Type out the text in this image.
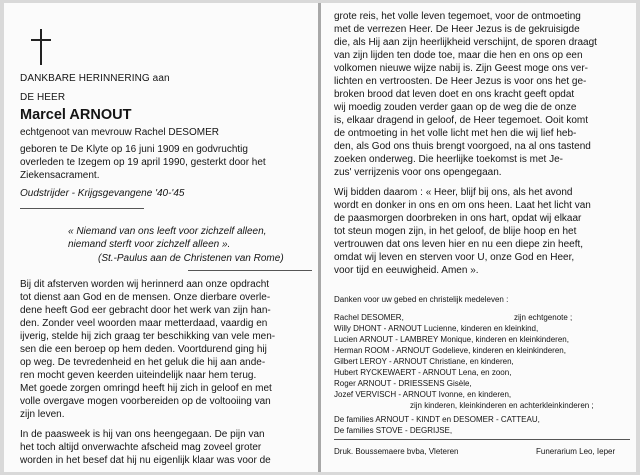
DANKBARE HERINNERING aan
DE HEER
Marcel ARNOUT
echtgenoot van mevrouw Rachel DESOMER
geboren te De Klyte op 16 juni 1909 en godvruchtig
overleden te Izegem op 19 april 1990, gesterkt door het
Ziekensacrament.
Oudstrijder - Krijgsgevangene '40-'45
« Niemand van ons leeft voor zichzelf alleen,
niemand sterft voor zichzelf alleen ».
(St.-Paulus aan de Christenen van Rome)
Bij dit afsterven worden wij herinnerd aan onze opdracht
tot dienst aan God en de mensen. Onze dierbare overle-
dene heeft God eer gebracht door het werk van zijn han-
den. Zonder veel woorden maar metterdaad, vaardig en
ijverig, stelde hij zich graag ter beschikking van vele men-
sen die een beroep op hem deden. Voortdurend ging hij
op weg. De tevredenheid en het geluk die hij aan ande-
ren mocht geven keerden uiteindelijk naar hem terug.
Met goede zorgen omringd heeft hij zich in geloof en met
volle overgave mogen voorbereiden op de voltooiing van
zijn leven.
In de paasweek is hij van ons heengegaan. De pijn van
het toch altijd onverwachte afscheid mag zoveel groter
worden in het besef dat hij nu eigenlijk klaar was voor de
grote reis, het volle leven tegemoet, voor de ontmoeting
met de verrezen Heer. De Heer Jezus is de gekruisigde
die, als Hij aan zijn heerlijkheid verschijnt, de sporen draagt
van zijn lijden ten dode toe, maar die hen en ons op een
volkomen nieuwe wijze nabij is. Zijn Geest moge ons ver-
lichten en vertroosten. De Heer Jezus is voor ons het ge-
broken brood dat leven doet en ons kracht geeft opdat
wij moedig zouden verder gaan op de weg die de onze
is, elkaar dragend in geloof, de Heer tegemoet. Ooit komt
de ontmoeting in het volle licht met hen die wij lief heb-
den, als God ons thuis brengt voorgoed, na al ons tastend
zoeken onderweg. Die heerlijke toekomst is met Je-
zus' verrijzenis voor ons opengegaan.
Wij bidden daarom : « Heer, blijf bij ons, als het avond
wordt en donker in ons en om ons heen. Laat het licht van
de paasmorgen doorbreken in ons hart, opdat wij elkaar
tot steun mogen zijn, in het geloof, de blije hoop en het
vertrouwen dat ons leven hier en nu een diepe zin heeft,
omdat wij leven en sterven voor U, onze God en Heer,
voor tijd en eeuwigheid. Amen ».
Danken voor uw gebed en christelijk medeleven :
Rachel DESOMER,	zijn echtgenote ;
Willy DHONT - ARNOUT Lucienne, kinderen en kleinkind,
Lucien ARNOUT - LAMBREY Monique, kinderen en kleinkinderen,
Herman ROOM - ARNOUT Godelieve, kinderen en kleinkinderen,
Gilbert LEROY - ARNOUT Christiane, en kinderen,
Hubert RYCKEWAERT - ARNOUT Lena, en zoon,
Roger ARNOUT - DRIESSENS Gisèle,
Jozef VERVISCH - ARNOUT Ivonne, en kinderen,
zijn kinderen, kleinkinderen en achterkleinkinderen ;
De families ARNOUT - KINDT en DESOMER - CATTEAU,
De families STOVE - DEGRIJSE,
Druk. Boussemaere bvba, Vleteren	Funerarium Leo, Ieper
